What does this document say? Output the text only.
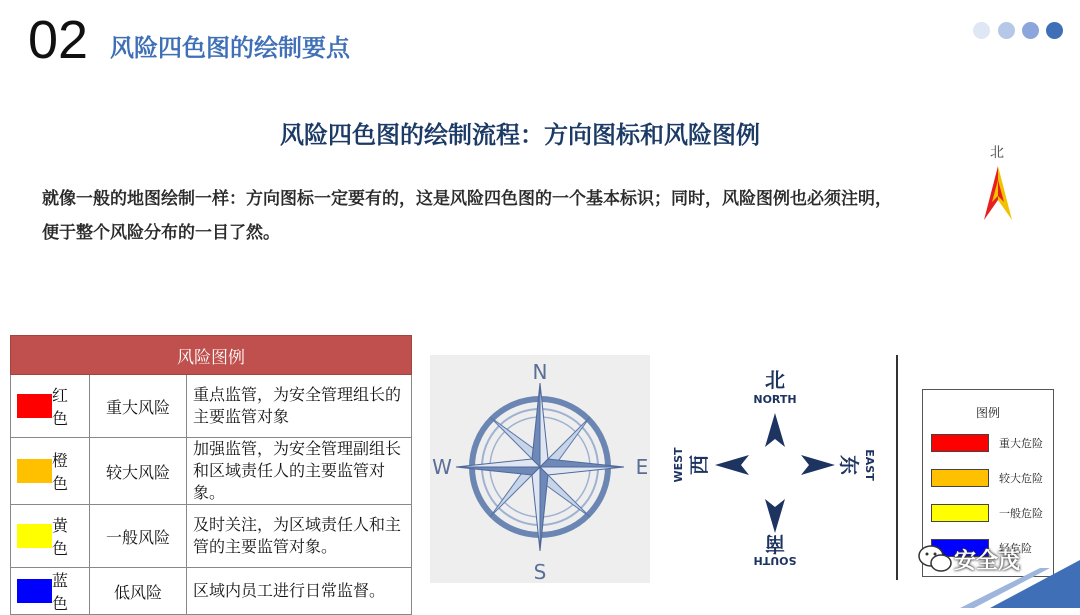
02 风险四色图的绘制要点
风险四色图的绘制流程：方向图标和风险图例
就像一般的地图绘制一样：方向图标一定要有的，这是风险四色图的一个基本标识；同时，风险图例也必须注明，便于整个风险分布的一目了然。
北
风险图例		

红色	重大风险	重点监管，为安全管理组长的主要监管对象

橙色	较大风险	加强监管，为安全管理副组长和区域责任人的主要监管对象。

黄色	一般风险	及时关注，为区域责任人和主管的主要监管对象。

蓝色	低风险	区域内员工进行日常监督。
N
S
E
W
北
NORTH
SOUTH
南
EAST
东
WEST 西
图例
重大危险
较大危险
一般危险
轻危险
安全茂
